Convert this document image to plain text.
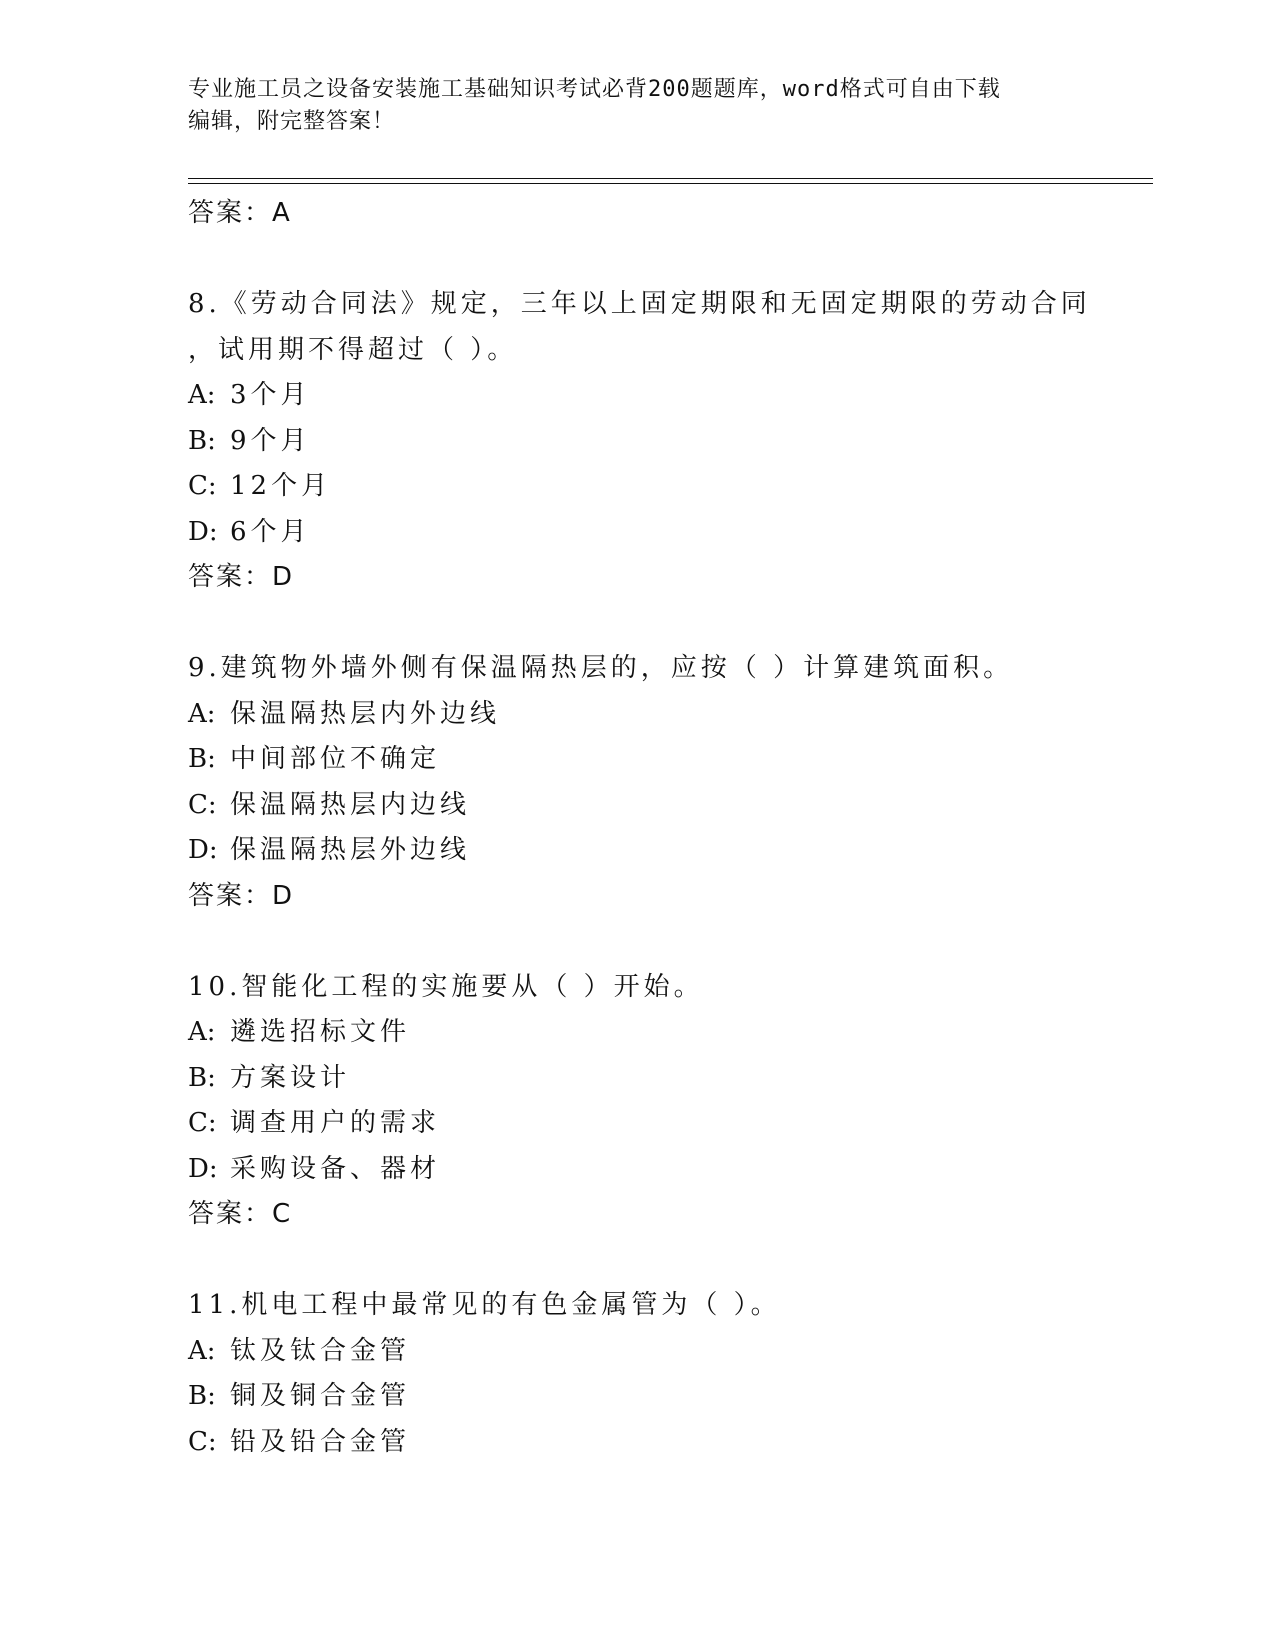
专业施工员之设备安装施工基础知识考试必背200题题库，word格式可自由下载
编辑，附完整答案！
答案：A
8.《劳动合同法》规定，三年以上固定期限和无固定期限的劳动合同
，试用期不得超过（ ）。
A: 3个月
B: 9个月
C: 12个月
D: 6个月
答案：D
9.建筑物外墙外侧有保温隔热层的，应按（ ）计算建筑面积。
A: 保温隔热层内外边线
B: 中间部位不确定
C: 保温隔热层内边线
D: 保温隔热层外边线
答案：D
10.智能化工程的实施要从（ ）开始。
A: 遴选招标文件
B: 方案设计
C: 调查用户的需求
D: 采购设备、器材
答案：C
11.机电工程中最常见的有色金属管为（ ）。
A: 钛及钛合金管
B: 铜及铜合金管
C: 铅及铅合金管
